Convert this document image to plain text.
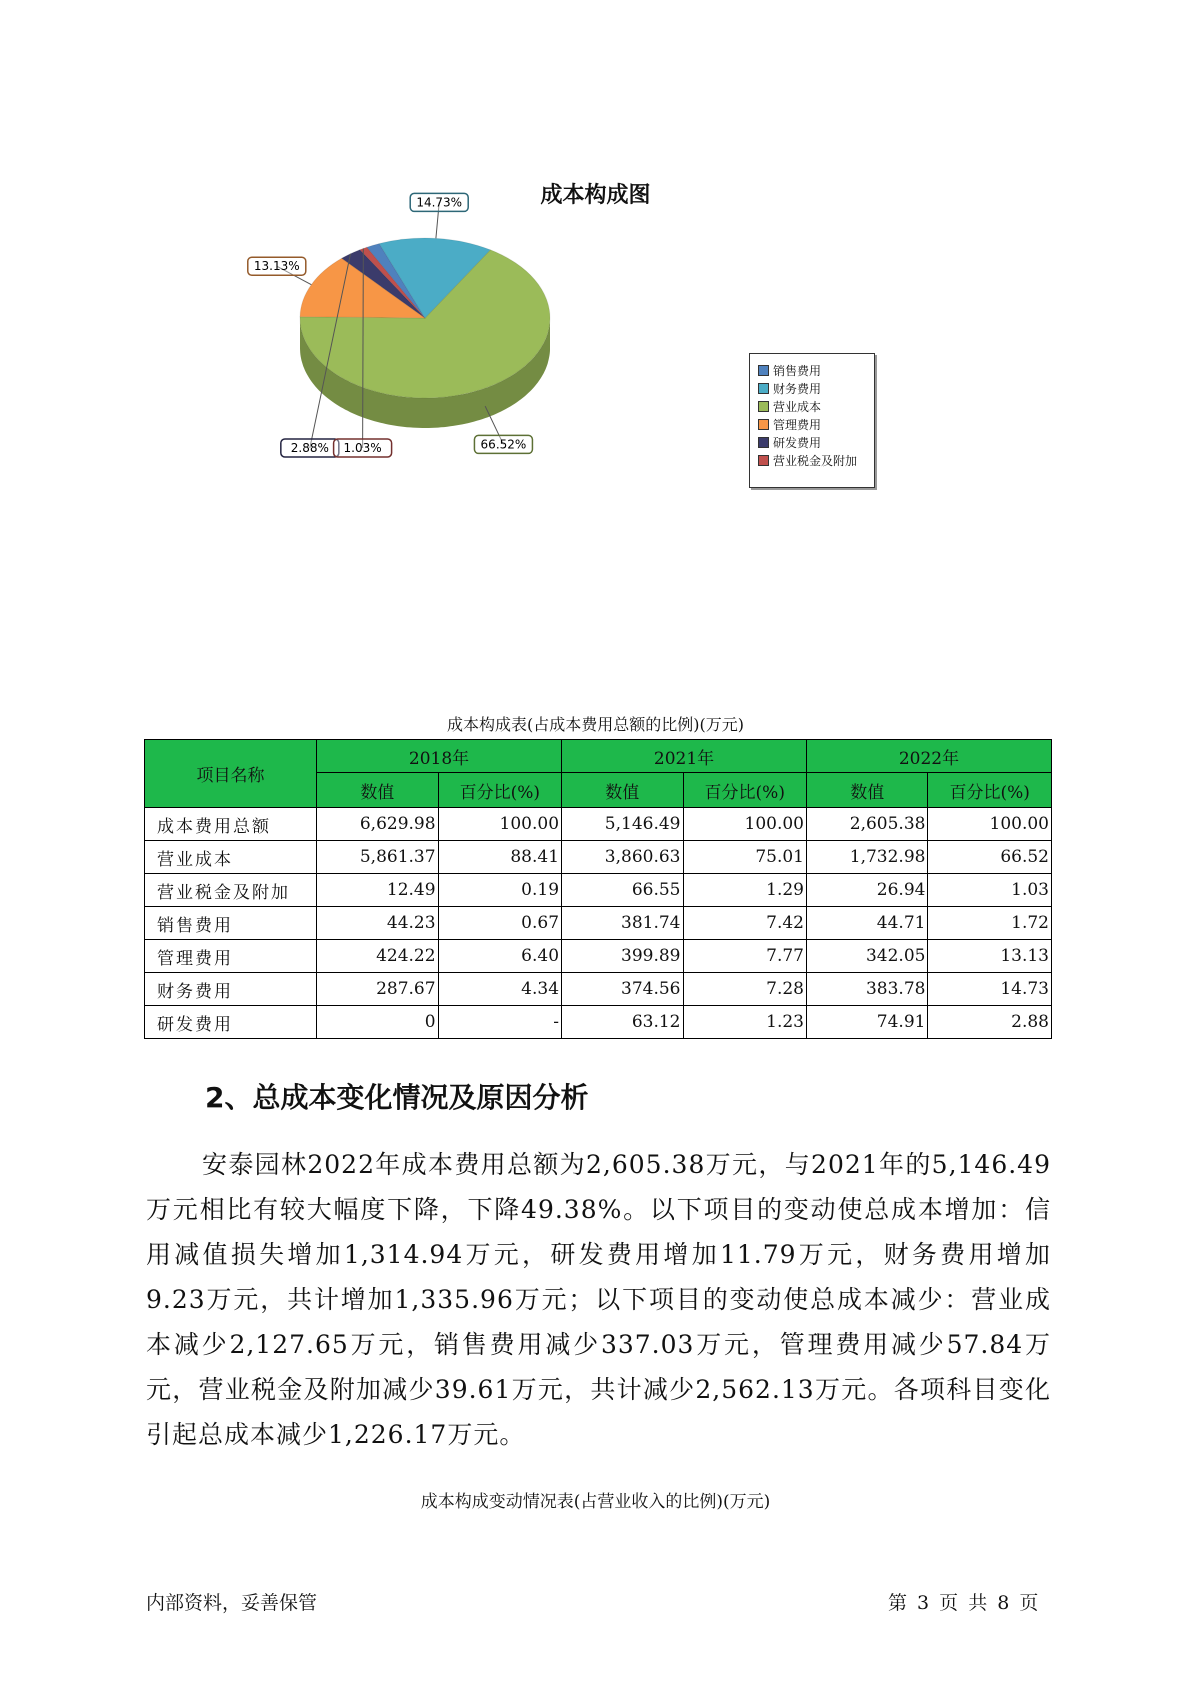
成本构成图
66.52%
13.13%
2.88% 1.03%
14.73%
销售费用
财务费用
营业成本
管理费用
研发费用
营业税金及附加
成本构成表(占成本费用总额的比例)(万元)
项目名称	2018年		2021年		2022年	
	数值	百分比(%)	数值	百分比(%)	数值	百分比(%)
成本费用总额	6,629.98	100.00	5,146.49	100.00	2,605.38	100.00
营业成本	5,861.37	88.41	3,860.63	75.01	1,732.98	66.52
营业税金及附加	12.49	0.19	66.55	1.29	26.94	1.03
销售费用	44.23	0.67	381.74	7.42	44.71	1.72
管理费用	424.22	6.40	399.89	7.77	342.05	13.13
财务费用	287.67	4.34	374.56	7.28	383.78	14.73
研发费用	0	-	63.12	1.23	74.91	2.88
2、总成本变化情况及原因分析
安泰园林2022年成本费用总额为2,605.38万元，与2021年的5,146.49万元相比有较大幅度下降，下降49.38%。以下项目的变动使总成本增加：信用减值损失增加1,314.94万元，研发费用增加11.79万元，财务费用增加9.23万元，共计增加1,335.96万元；以下项目的变动使总成本减少：营业成本减少2,127.65万元，销售费用减少337.03万元，管理费用减少57.84万元，营业税金及附加减少39.61万元，共计减少2,562.13万元。各项科目变化引起总成本减少1,226.17万元。
成本构成变动情况表(占营业收入的比例)(万元)
内部资料，妥善保管	第 3 页 共 8 页
